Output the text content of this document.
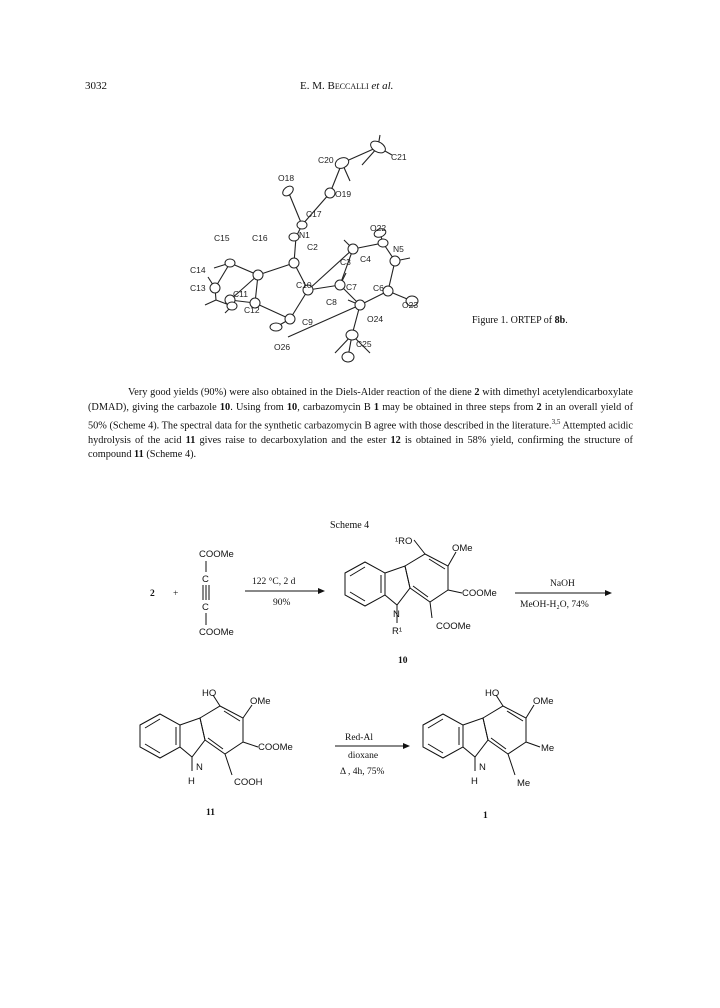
3032	E. M. Beccalli et al.
C20	C21
O18
O19
C17
O22
C15	C16	N1
C2	N5
C3 C4
C14
C13
C11
C10	C7 C6
C8	O23
C12
C9	O24
O26	C25
Figure 1. ORTEP of 8b.
Very good yields (90%) were also obtained in the Diels-Alder reaction of the diene 2 with dimethyl acetylendicarboxylate (DMAD), giving the carbazole 10. Using from 10, carbazomycin B 1 may be obtained in three steps from 2 in an overall yield of 50% (Scheme 4). The spectral data for the synthetic carbazomycin B agree with those described in the literature.$^{3,5}$ Attempted acidic hydrolysis of the acid 11 gives raise to decarboxylation and the ester 12 is obtained in 58% yield, confirming the structure of compound 11 (Scheme 4).
Scheme 4
2 +
COOMe
C
C
COOMe
122 °C, 2 d
90%
¹RO
OMe
COOMe
COOMe
N
R¹
10
NaOH
MeOH-H₂O, 74%
HO
OMe
COOMe
COOH
N
H
11
Red-Al
dioxane
Δ , 4h, 75%
HO
OMe
Me
Me
N
H
1
